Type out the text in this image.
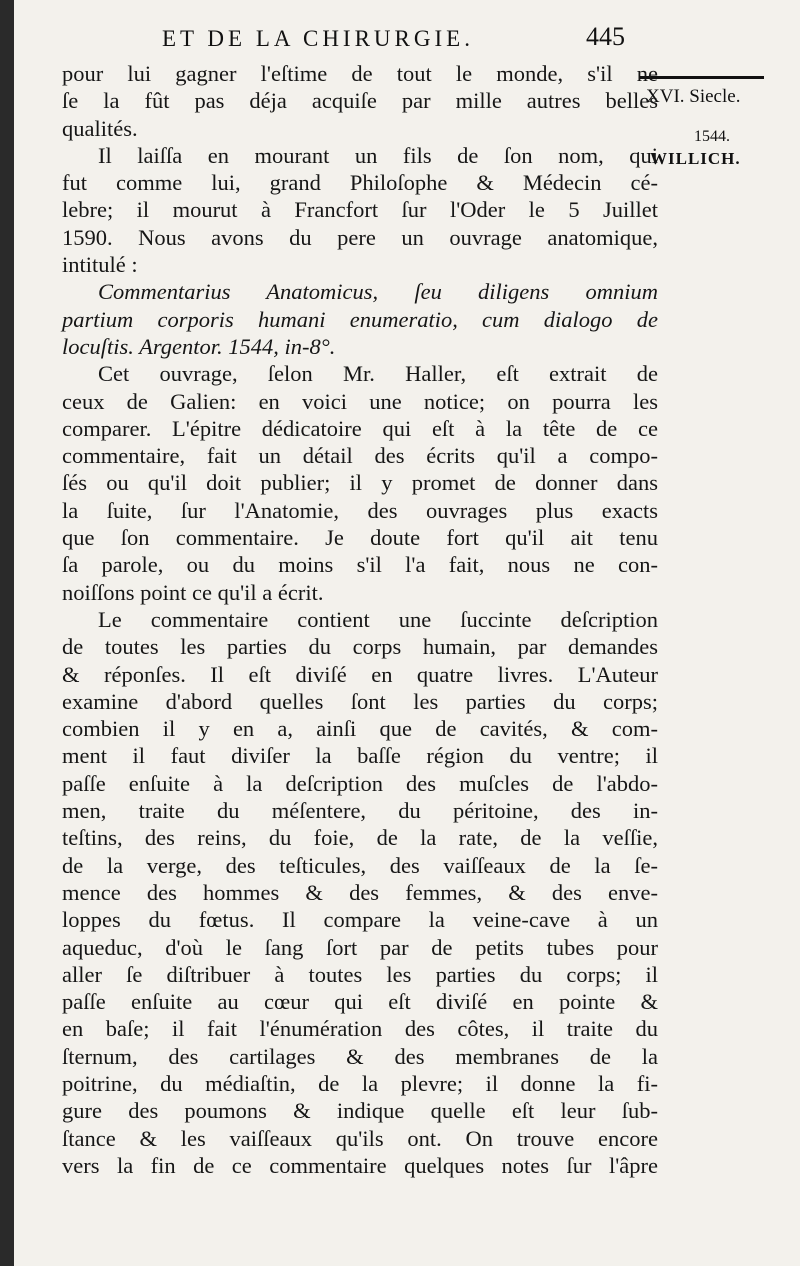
ET DE LA CHIRURGIE.	445
XVI. Siecle.
1544.
WILLICH.
pour lui gagner l'eſtime de tout le monde, s'il ne
ſe la fût pas déja acquiſe par mille autres belles
qualités.
Il laiſſa en mourant un fils de ſon nom, qui
fut comme lui, grand Philoſophe & Médecin cé-
lebre; il mourut à Francfort ſur l'Oder le 5 Juillet
1590. Nous avons du pere un ouvrage anatomique,
intitulé :
Commentarius Anatomicus, ſeu diligens omnium
partium corporis humani enumeratio, cum dialogo de
locuſtis. Argentor. 1544, in-8°.
Cet ouvrage, ſelon Mr. Haller, eſt extrait de
ceux de Galien: en voici une notice; on pourra les
comparer. L'épitre dédicatoire qui eſt à la tête de ce
commentaire, fait un détail des écrits qu'il a compo-
ſés ou qu'il doit publier; il y promet de donner dans
la ſuite, ſur l'Anatomie, des ouvrages plus exacts
que ſon commentaire. Je doute fort qu'il ait tenu
ſa parole, ou du moins s'il l'a fait, nous ne con-
noiſſons point ce qu'il a écrit.
Le commentaire contient une ſuccinte deſcription
de toutes les parties du corps humain, par demandes
& réponſes. Il eſt diviſé en quatre livres. L'Auteur
examine d'abord quelles ſont les parties du corps;
combien il y en a, ainſi que de cavités, & com-
ment il faut diviſer la baſſe région du ventre; il
paſſe enſuite à la deſcription des muſcles de l'abdo-
men, traite du méſentere, du péritoine, des in-
teſtins, des reins, du foie, de la rate, de la veſſie,
de la verge, des teſticules, des vaiſſeaux de la ſe-
mence des hommes & des femmes, & des enve-
loppes du fœtus. Il compare la veine-cave à un
aqueduc, d'où le ſang ſort par de petits tubes pour
aller ſe diſtribuer à toutes les parties du corps; il
paſſe enſuite au cœur qui eſt diviſé en pointe &
en baſe; il fait l'énumération des côtes, il traite du
ſternum, des cartilages & des membranes de la
poitrine, du médiaſtin, de la plevre; il donne la fi-
gure des poumons & indique quelle eſt leur ſub-
ſtance & les vaiſſeaux qu'ils ont. On trouve encore
vers la fin de ce commentaire quelques notes ſur l'âpre
